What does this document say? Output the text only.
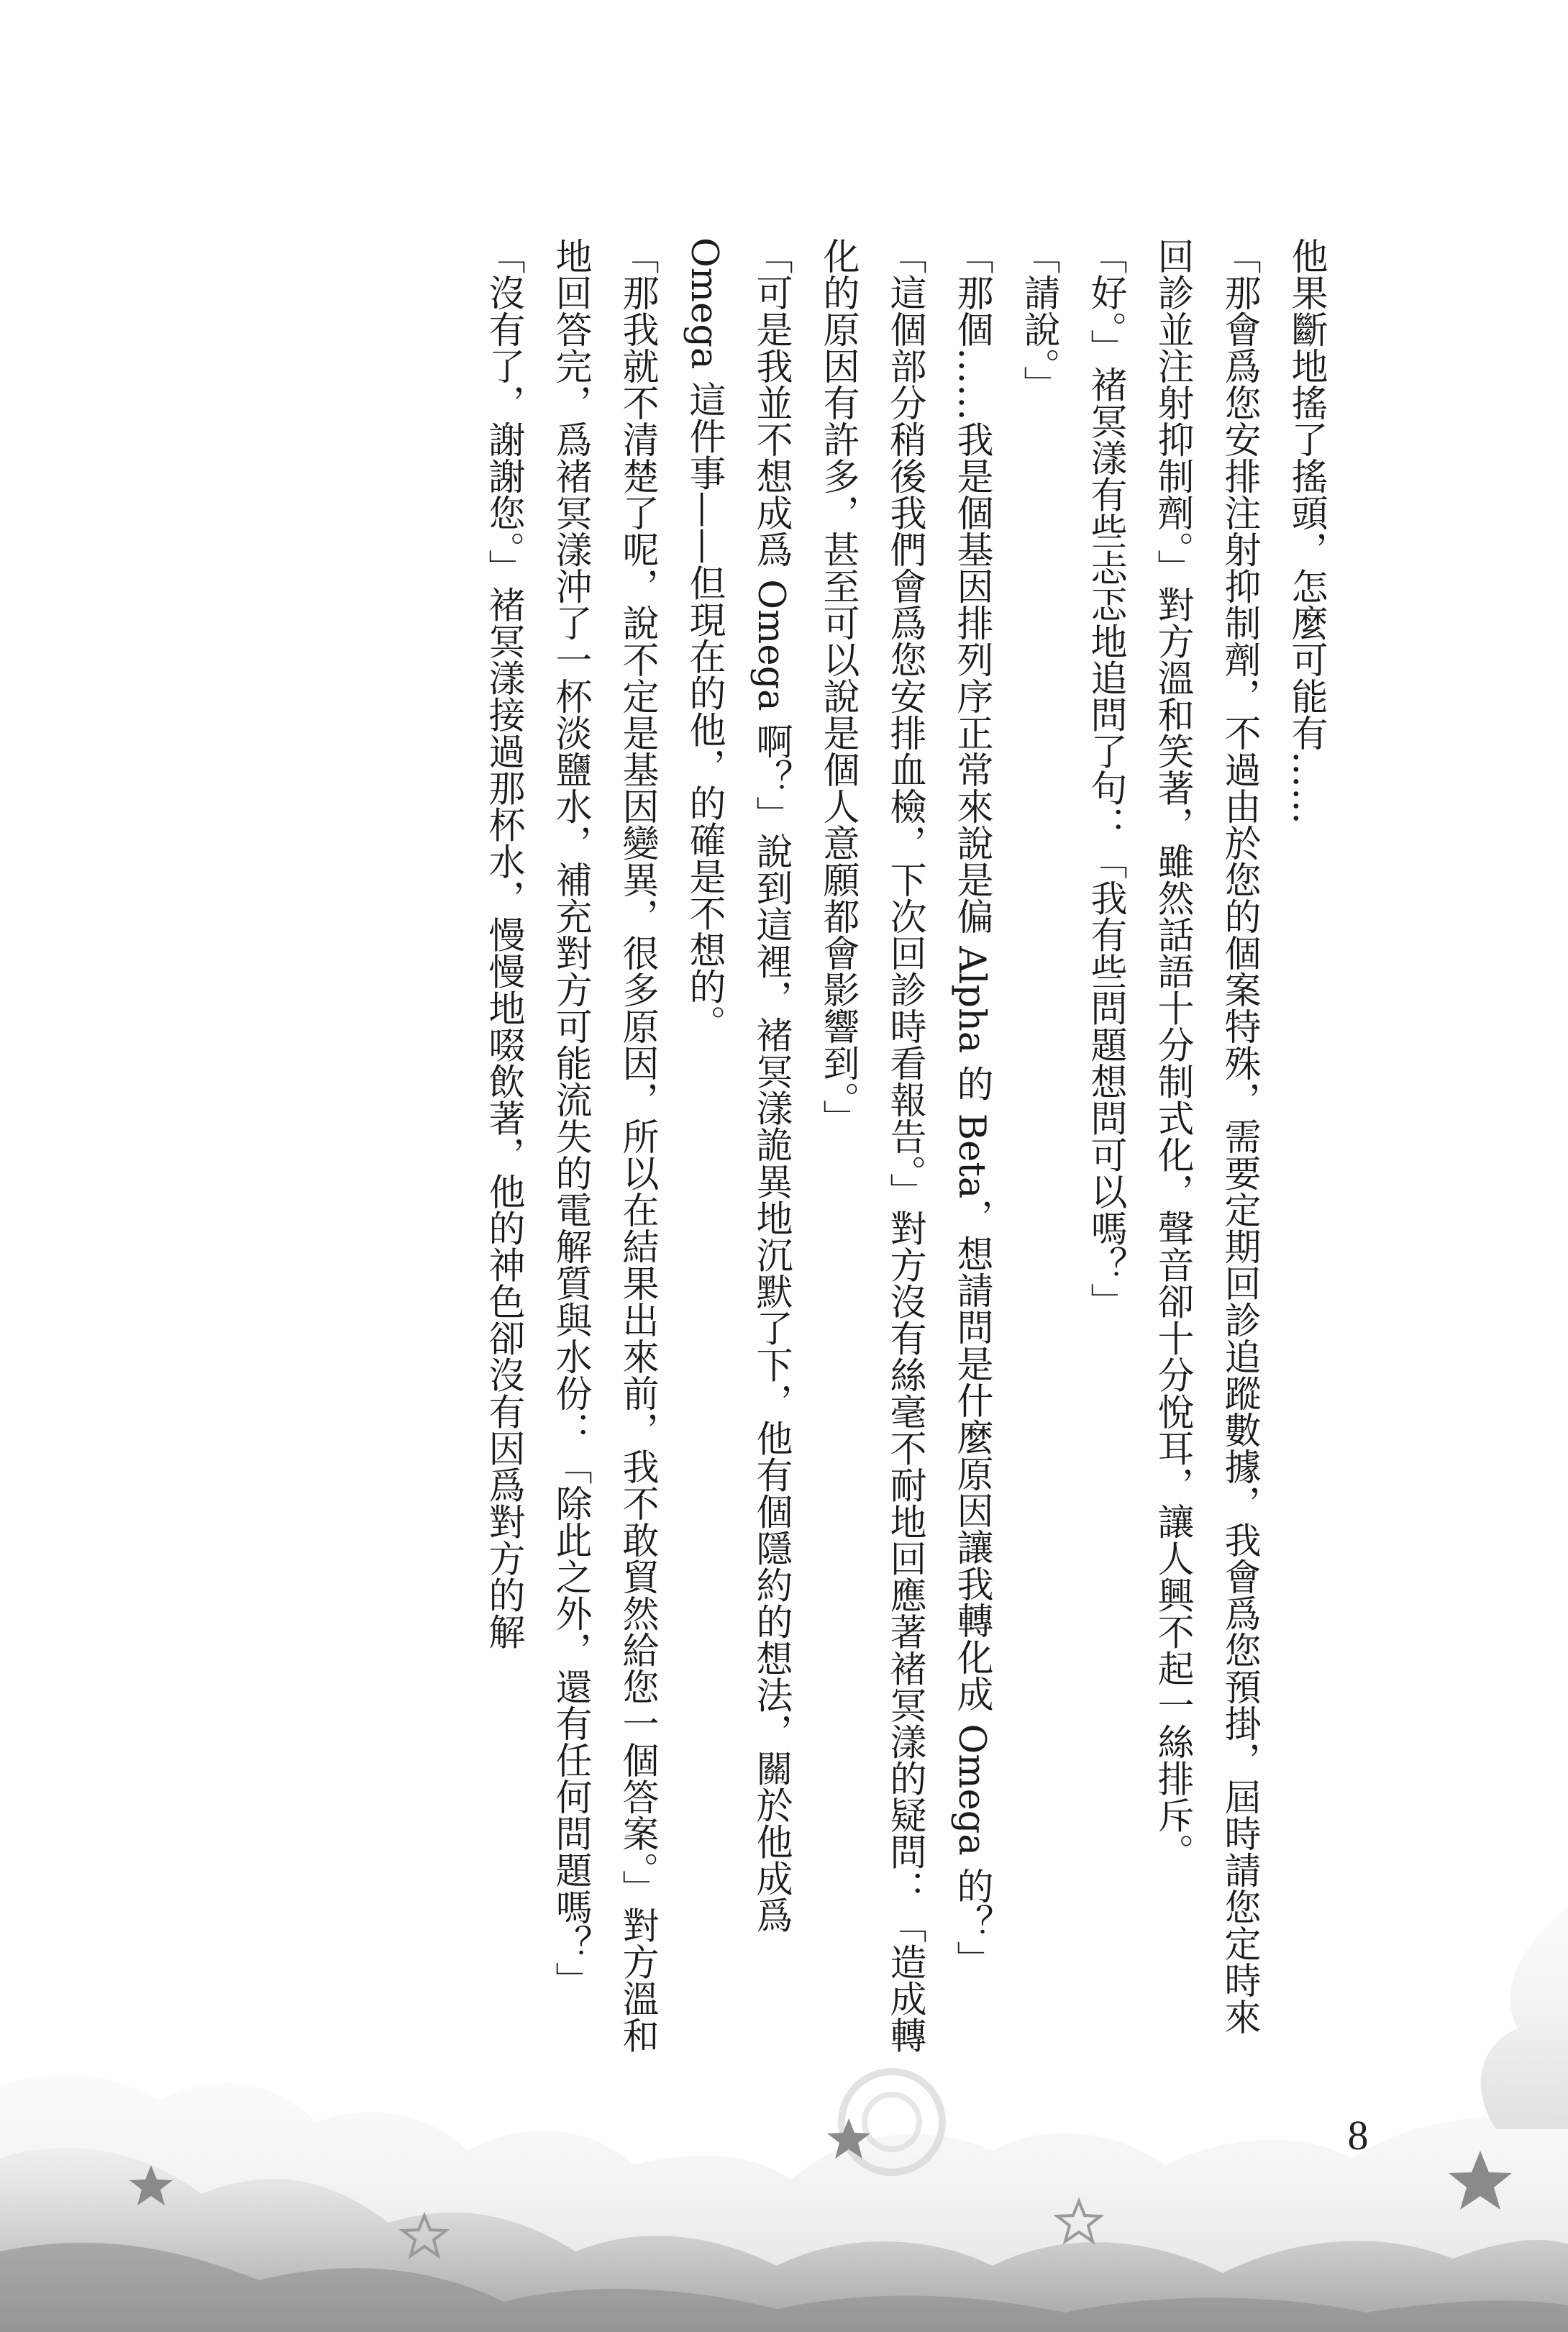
他果斷地搖了搖頭，怎麼可能有……

「那會爲您安排注射抑制劑，不過由於您的個案特殊，需要定期回診追蹤數據，我會爲您預掛，屆時請您定時來回診並注射抑制劑。」對方溫和笑著，雖然話語十分制式化，聲音卻十分悅耳，讓人興不起一絲排斥。

「好。」褚冥漾有些忐忑地追問了句：「我有些問題想問可以嗎？」

「請說。」

「那個……我是個基因排列序正常來說是偏 Alpha 的 Beta，想請問是什麼原因讓我轉化成 Omega 的？」

「這個部分稍後我們會爲您安排血檢，下次回診時看報告。」對方沒有絲毫不耐地回應著褚冥漾的疑問：「造成轉化的原因有許多，甚至可以說是個人意願都會影響到。」

「可是我並不想成爲 Omega 啊？」說到這裡，褚冥漾詭異地沉默了下，他有個隱約的想法，關於他成爲 Omega 這件事——但現在的他，的確是不想的。

「那我就不清楚了呢，說不定是基因變異，很多原因，所以在結果出來前，我不敢貿然給您一個答案。」對方溫和地回答完，爲褚冥漾沖了一杯淡鹽水，補充對方可能流失的電解質與水份：「除此之外，還有任何問題嗎？」

「沒有了，謝謝您。」褚冥漾接過那杯水，慢慢地啜飲著，他的神色卻沒有因爲對方的解

8
